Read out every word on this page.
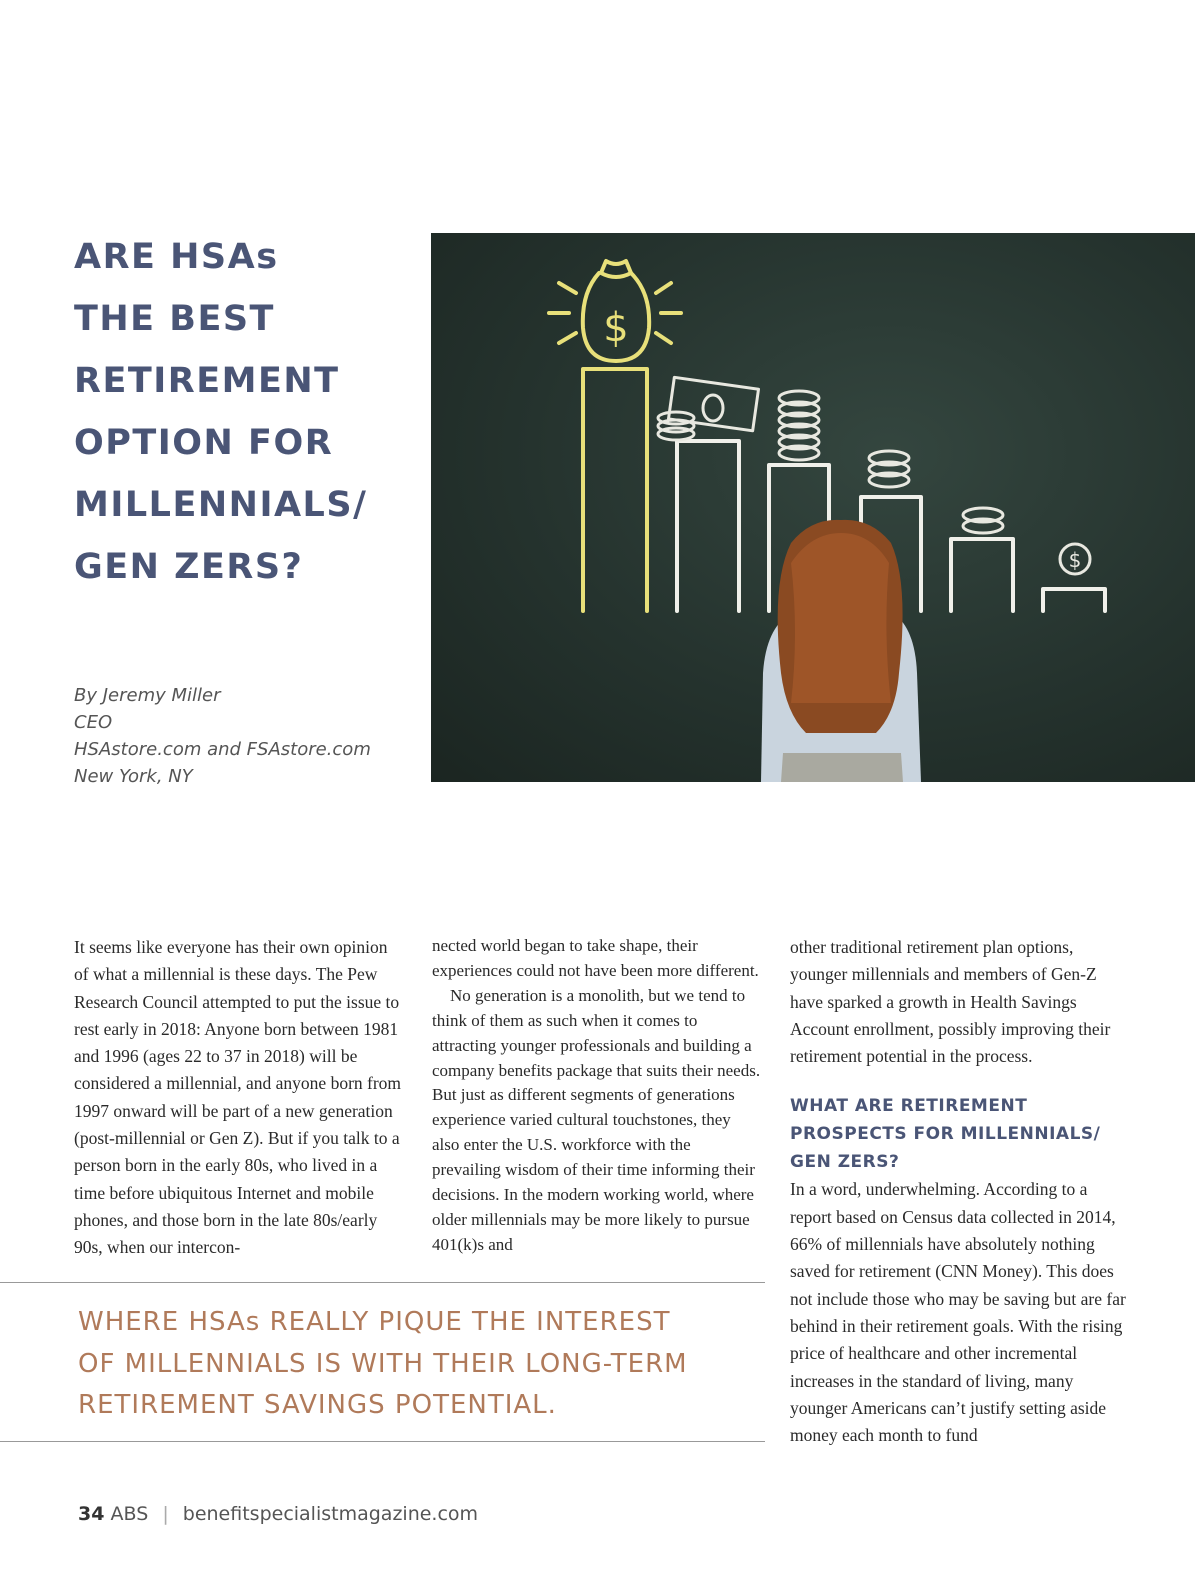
ARE HSAs
THE BEST
RETIREMENT
OPTION FOR
MILLENNIALS/
GEN ZERS?
By Jeremy Miller
CEO
HSAstore.com and FSAstore.com
New York, NY
$
$

It seems like everyone has their own opinion of what a millennial is these days. The Pew Research Council attempted to put the issue to rest early in 2018: Anyone born between 1981 and 1996 (ages 22 to 37 in 2018) will be considered a millennial, and anyone born from 1997 onward will be part of a new generation (post-millennial or Gen Z). But if you talk to a person born in the early 80s, who lived in a time before ubiquitous Internet and mobile phones, and those born in the late 80s/early 90s, when our intercon-

nected world began to take shape, their experiences could not have been more different.

No generation is a monolith, but we tend to think of them as such when it comes to attracting younger professionals and building a company benefits package that suits their needs. But just as different segments of generations experience varied cultural touchstones, they also enter the U.S. workforce with the prevailing wisdom of their time informing their decisions. In the modern working world, where older millennials may be more likely to pursue 401(k)s and

other traditional retirement plan options, younger millennials and members of Gen-Z have sparked a growth in Health Savings Account enrollment, possibly improving their retirement potential in the process.

WHAT ARE RETIREMENT PROSPECTS FOR MILLENNIALS/ GEN ZERS?

In a word, underwhelming. According to a report based on Census data collected in 2014, 66% of millennials have absolutely nothing saved for retirement (CNN Money). This does not include those who may be saving but are far behind in their retirement goals. With the rising price of healthcare and other incremental increases in the standard of living, many younger Americans can’t justify setting aside money each month to fund

WHERE HSAs REALLY PIQUE THE INTEREST
OF MILLENNIALS IS WITH THEIR LONG-TERM
RETIREMENT SAVINGS POTENTIAL.
34 ABS | benefitspecialistmagazine.com
